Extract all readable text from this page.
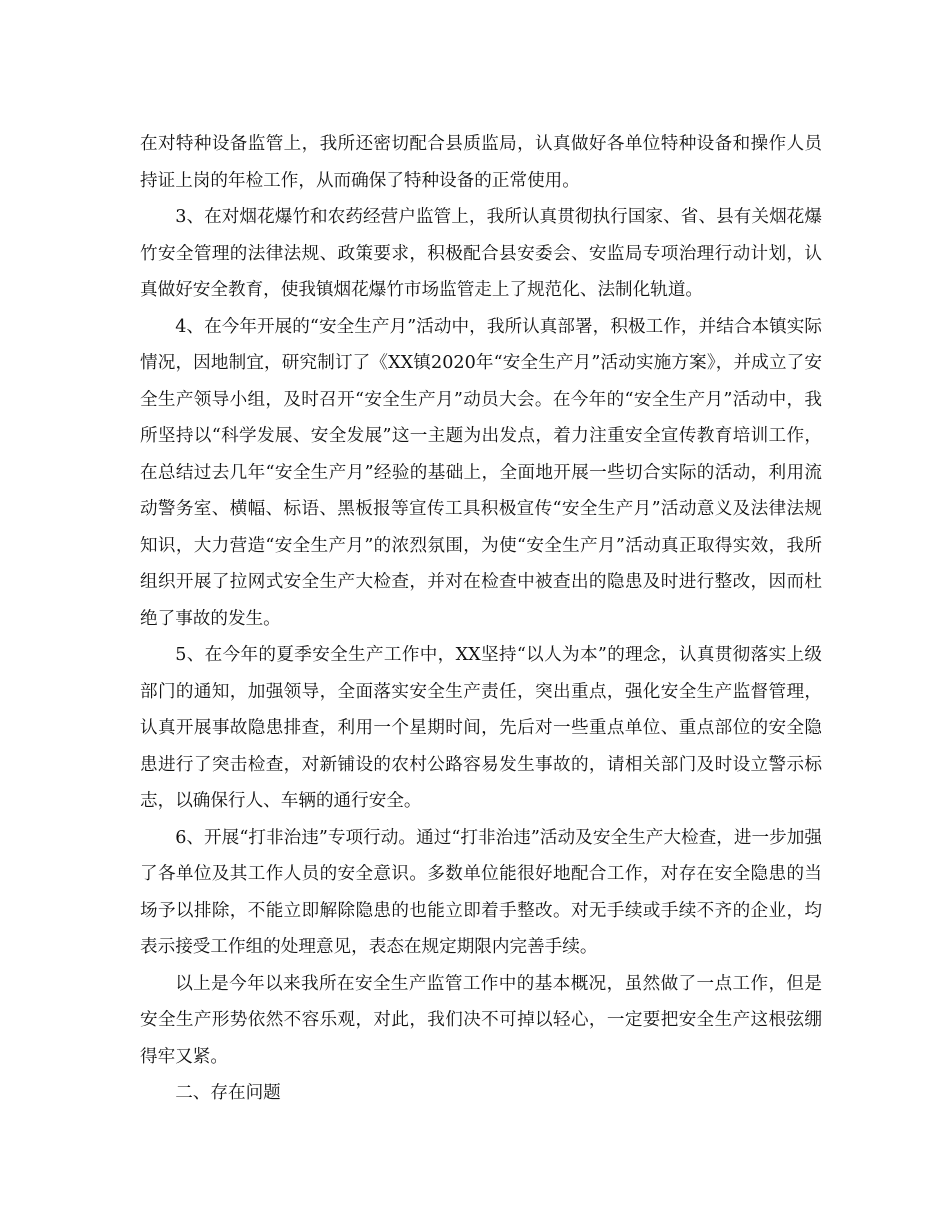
在对特种设备监管上，我所还密切配合县质监局，认真做好各单位特种设备和操作人员持证上岗的年检工作，从而确保了特种设备的正常使用。

3、在对烟花爆竹和农药经营户监管上，我所认真贯彻执行国家、省、县有关烟花爆竹安全管理的法律法规、政策要求，积极配合县安委会、安监局专项治理行动计划，认真做好安全教育，使我镇烟花爆竹市场监管走上了规范化、法制化轨道。

4、在今年开展的“安全生产月”活动中，我所认真部署，积极工作，并结合本镇实际情况，因地制宜，研究制订了《XX镇2020年“安全生产月”活动实施方案》，并成立了安全生产领导小组，及时召开“安全生产月”动员大会。在今年的“安全生产月”活动中，我所坚持以“科学发展、安全发展”这一主题为出发点，着力注重安全宣传教育培训工作，在总结过去几年“安全生产月”经验的基础上，全面地开展一些切合实际的活动，利用流动警务室、横幅、标语、黑板报等宣传工具积极宣传“安全生产月”活动意义及法律法规知识，大力营造“安全生产月”的浓烈氛围，为使“安全生产月”活动真正取得实效，我所组织开展了拉网式安全生产大检查，并对在检查中被查出的隐患及时进行整改，因而杜绝了事故的发生。

5、在今年的夏季安全生产工作中，XX坚持“以人为本”的理念，认真贯彻落实上级部门的通知，加强领导，全面落实安全生产责任，突出重点，强化安全生产监督管理，认真开展事故隐患排查，利用一个星期时间，先后对一些重点单位、重点部位的安全隐患进行了突击检查，对新铺设的农村公路容易发生事故的，请相关部门及时设立警示标志，以确保行人、车辆的通行安全。

6、开展“打非治违”专项行动。通过“打非治违”活动及安全生产大检查，进一步加强了各单位及其工作人员的安全意识。多数单位能很好地配合工作，对存在安全隐患的当场予以排除，不能立即解除隐患的也能立即着手整改。对无手续或手续不齐的企业，均表示接受工作组的处理意见，表态在规定期限内完善手续。

以上是今年以来我所在安全生产监管工作中的基本概况，虽然做了一点工作，但是安全生产形势依然不容乐观，对此，我们决不可掉以轻心，一定要把安全生产这根弦绷得牢又紧。

二、存在问题
